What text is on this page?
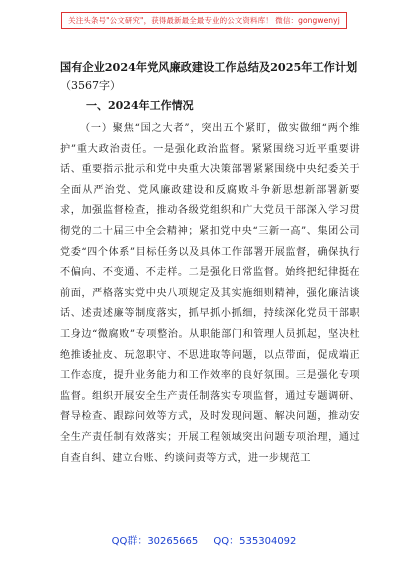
关注头条号"公文研究"，获得最新最全最专业的公文资料库！ 微信：gongwenyj

国有企业2024年党风廉政建设工作总结及2025年工作计划

（3567字）

一、2024年工作情况

（一）聚焦“国之大者”，突出五个紧盯，做实做细“两个维护”重大政治责任。一是强化政治监督。紧紧围绕习近平重要讲话、重要指示批示和党中央重大决策部署紧紧围绕中央纪委关于全面从严治党、党风廉政建设和反腐败斗争新思想新部署新要求，加强监督检查，推动各级党组织和广大党员干部深入学习贯彻党的二十届三中全会精神；紧扣党中央“三新一高”、集团公司党委“四个体系”目标任务以及具体工作部署开展监督，确保执行不偏向、不变通、不走样。二是强化日常监督。始终把纪律挺在前面，严格落实党中央八项规定及其实施细则精神，强化廉洁谈话、述责述廉等制度落实，抓早抓小抓细，持续深化党员干部职工身边“微腐败”专项整治。从职能部门和管理人员抓起，坚决杜绝推诿扯皮、玩忽职守、不思进取等问题，以点带面，促成端正工作态度，提升业务能力和工作效率的良好氛围。三是强化专项监督。组织开展安全生产责任制落实专项监督，通过专题调研、督导检查、跟踪问效等方式，及时发现问题、解决问题，推动安全生产责任制有效落实；开展工程领域突出问题专项治理，通过自查自纠、建立台账、约谈问责等方式，进一步规范工

QQ群：30265665 QQ：535304092
